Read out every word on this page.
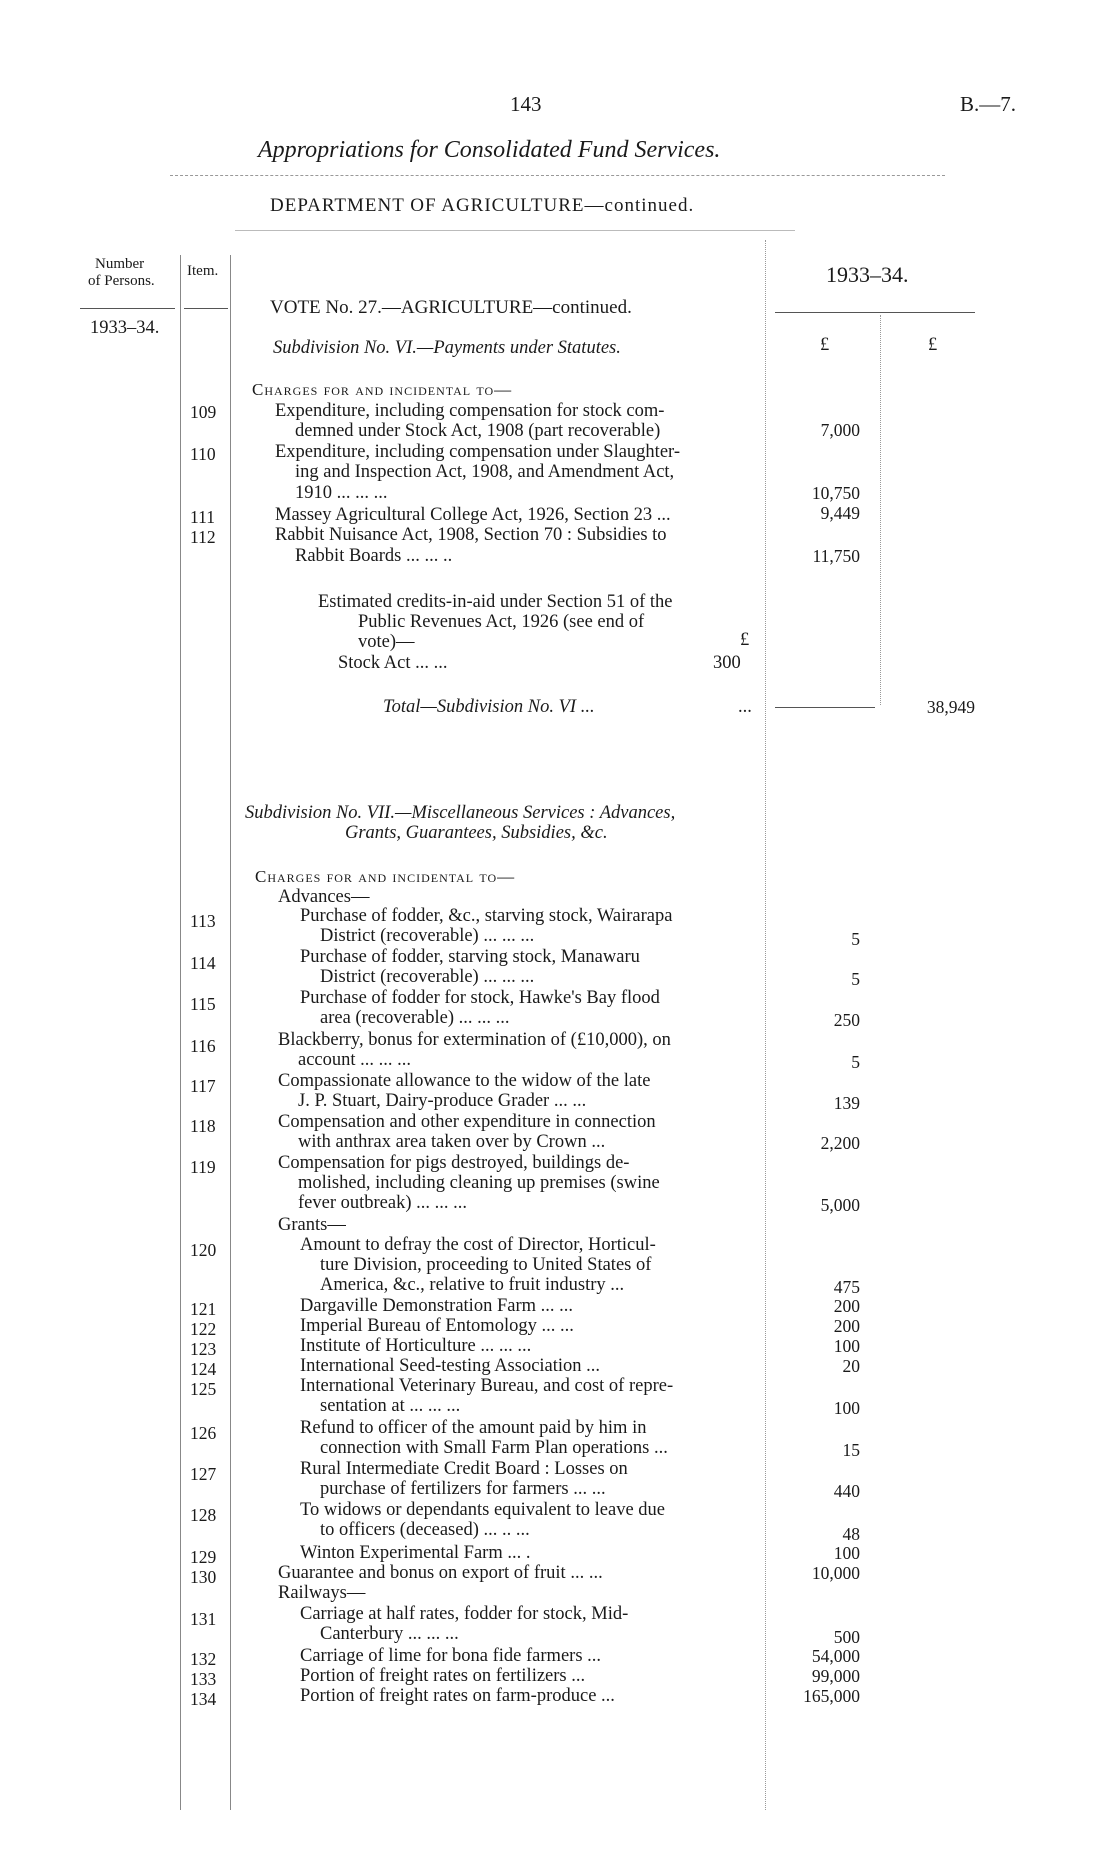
143	B.—7.
Appropriations for Consolidated Fund Services.
DEPARTMENT OF AGRICULTURE—continued.
Number
of Persons.
Item.	1933–34.
1933–34.
£	£
VOTE No. 27.—AGRICULTURE—continued.
Subdivision No. VI.—Payments under Statutes.
Charges for and incidental to—
109	Expenditure, including compensation for stock com-
demned under Stock Act, 1908 (part recoverable)	7,000
110	Expenditure, including compensation under Slaughter-
ing and Inspection Act, 1908, and Amendment Act,
1910 ... ... ...	10,750
111	Massey Agricultural College Act, 1926, Section 23 ...	9,449
112	Rabbit Nuisance Act, 1908, Section 70 : Subsidies to
Rabbit Boards ... ... ..	11,750
Estimated credits-in-aid under Section 51 of the
Public Revenues Act, 1926 (see end of
vote)—	£
Stock Act ... ...	300
Total—Subdivision No. VI ...	...	38,949
Subdivision No. VII.—Miscellaneous Services : Advances,
Grants, Guarantees, Subsidies, &c.
Charges for and incidental to—
Advances—
113	Purchase of fodder, &c., starving stock, Wairarapa
District (recoverable) ... ... ...	5
114	Purchase of fodder, starving stock, Manawaru
District (recoverable) ... ... ...	5
115	Purchase of fodder for stock, Hawke's Bay flood
area (recoverable) ... ... ...	250
116	Blackberry, bonus for extermination of (£10,000), on
account ... ... ...	5
117	Compassionate allowance to the widow of the late
J. P. Stuart, Dairy-produce Grader ... ...	139
118	Compensation and other expenditure in connection
with anthrax area taken over by Crown ...	2,200
119	Compensation for pigs destroyed, buildings de-
molished, including cleaning up premises (swine
fever outbreak) ... ... ...	5,000
Grants—
120	Amount to defray the cost of Director, Horticul-
ture Division, proceeding to United States of
America, &c., relative to fruit industry ...	475
121	Dargaville Demonstration Farm ... ...	200
122	Imperial Bureau of Entomology ... ...	200
123	Institute of Horticulture ... ... ...	100
124	International Seed-testing Association ...	20
125	International Veterinary Bureau, and cost of repre-
sentation at ... ... ...	100
126	Refund to officer of the amount paid by him in
connection with Small Farm Plan operations ...	15
127	Rural Intermediate Credit Board : Losses on
purchase of fertilizers for farmers ... ...	440
128	To widows or dependants equivalent to leave due
to officers (deceased) ... .. ...	48
129	Winton Experimental Farm ... .	100
130	Guarantee and bonus on export of fruit ... ...	10,000
Railways—
131	Carriage at half rates, fodder for stock, Mid-
Canterbury ... ... ...	500
132	Carriage of lime for bona fide farmers ...	54,000
133	Portion of freight rates on fertilizers ...	99,000
134	Portion of freight rates on farm-produce ...	165,000
